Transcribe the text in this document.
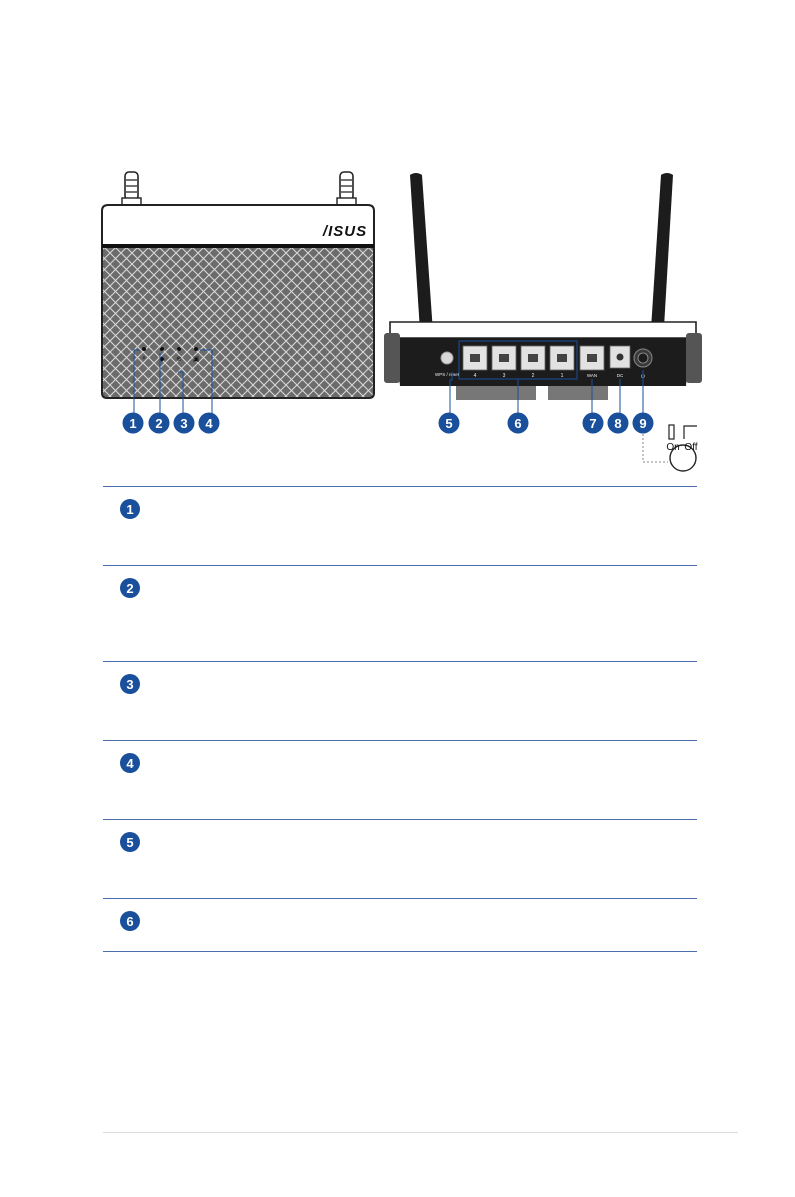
/ISUS
ᵠ ◆ ⊕ ▣
1 2 3 4
WPS / reset	4	3	2	1	WAN	DC	⏻
5	6	7 8 9
On Off
1
2
3
4
5
6
